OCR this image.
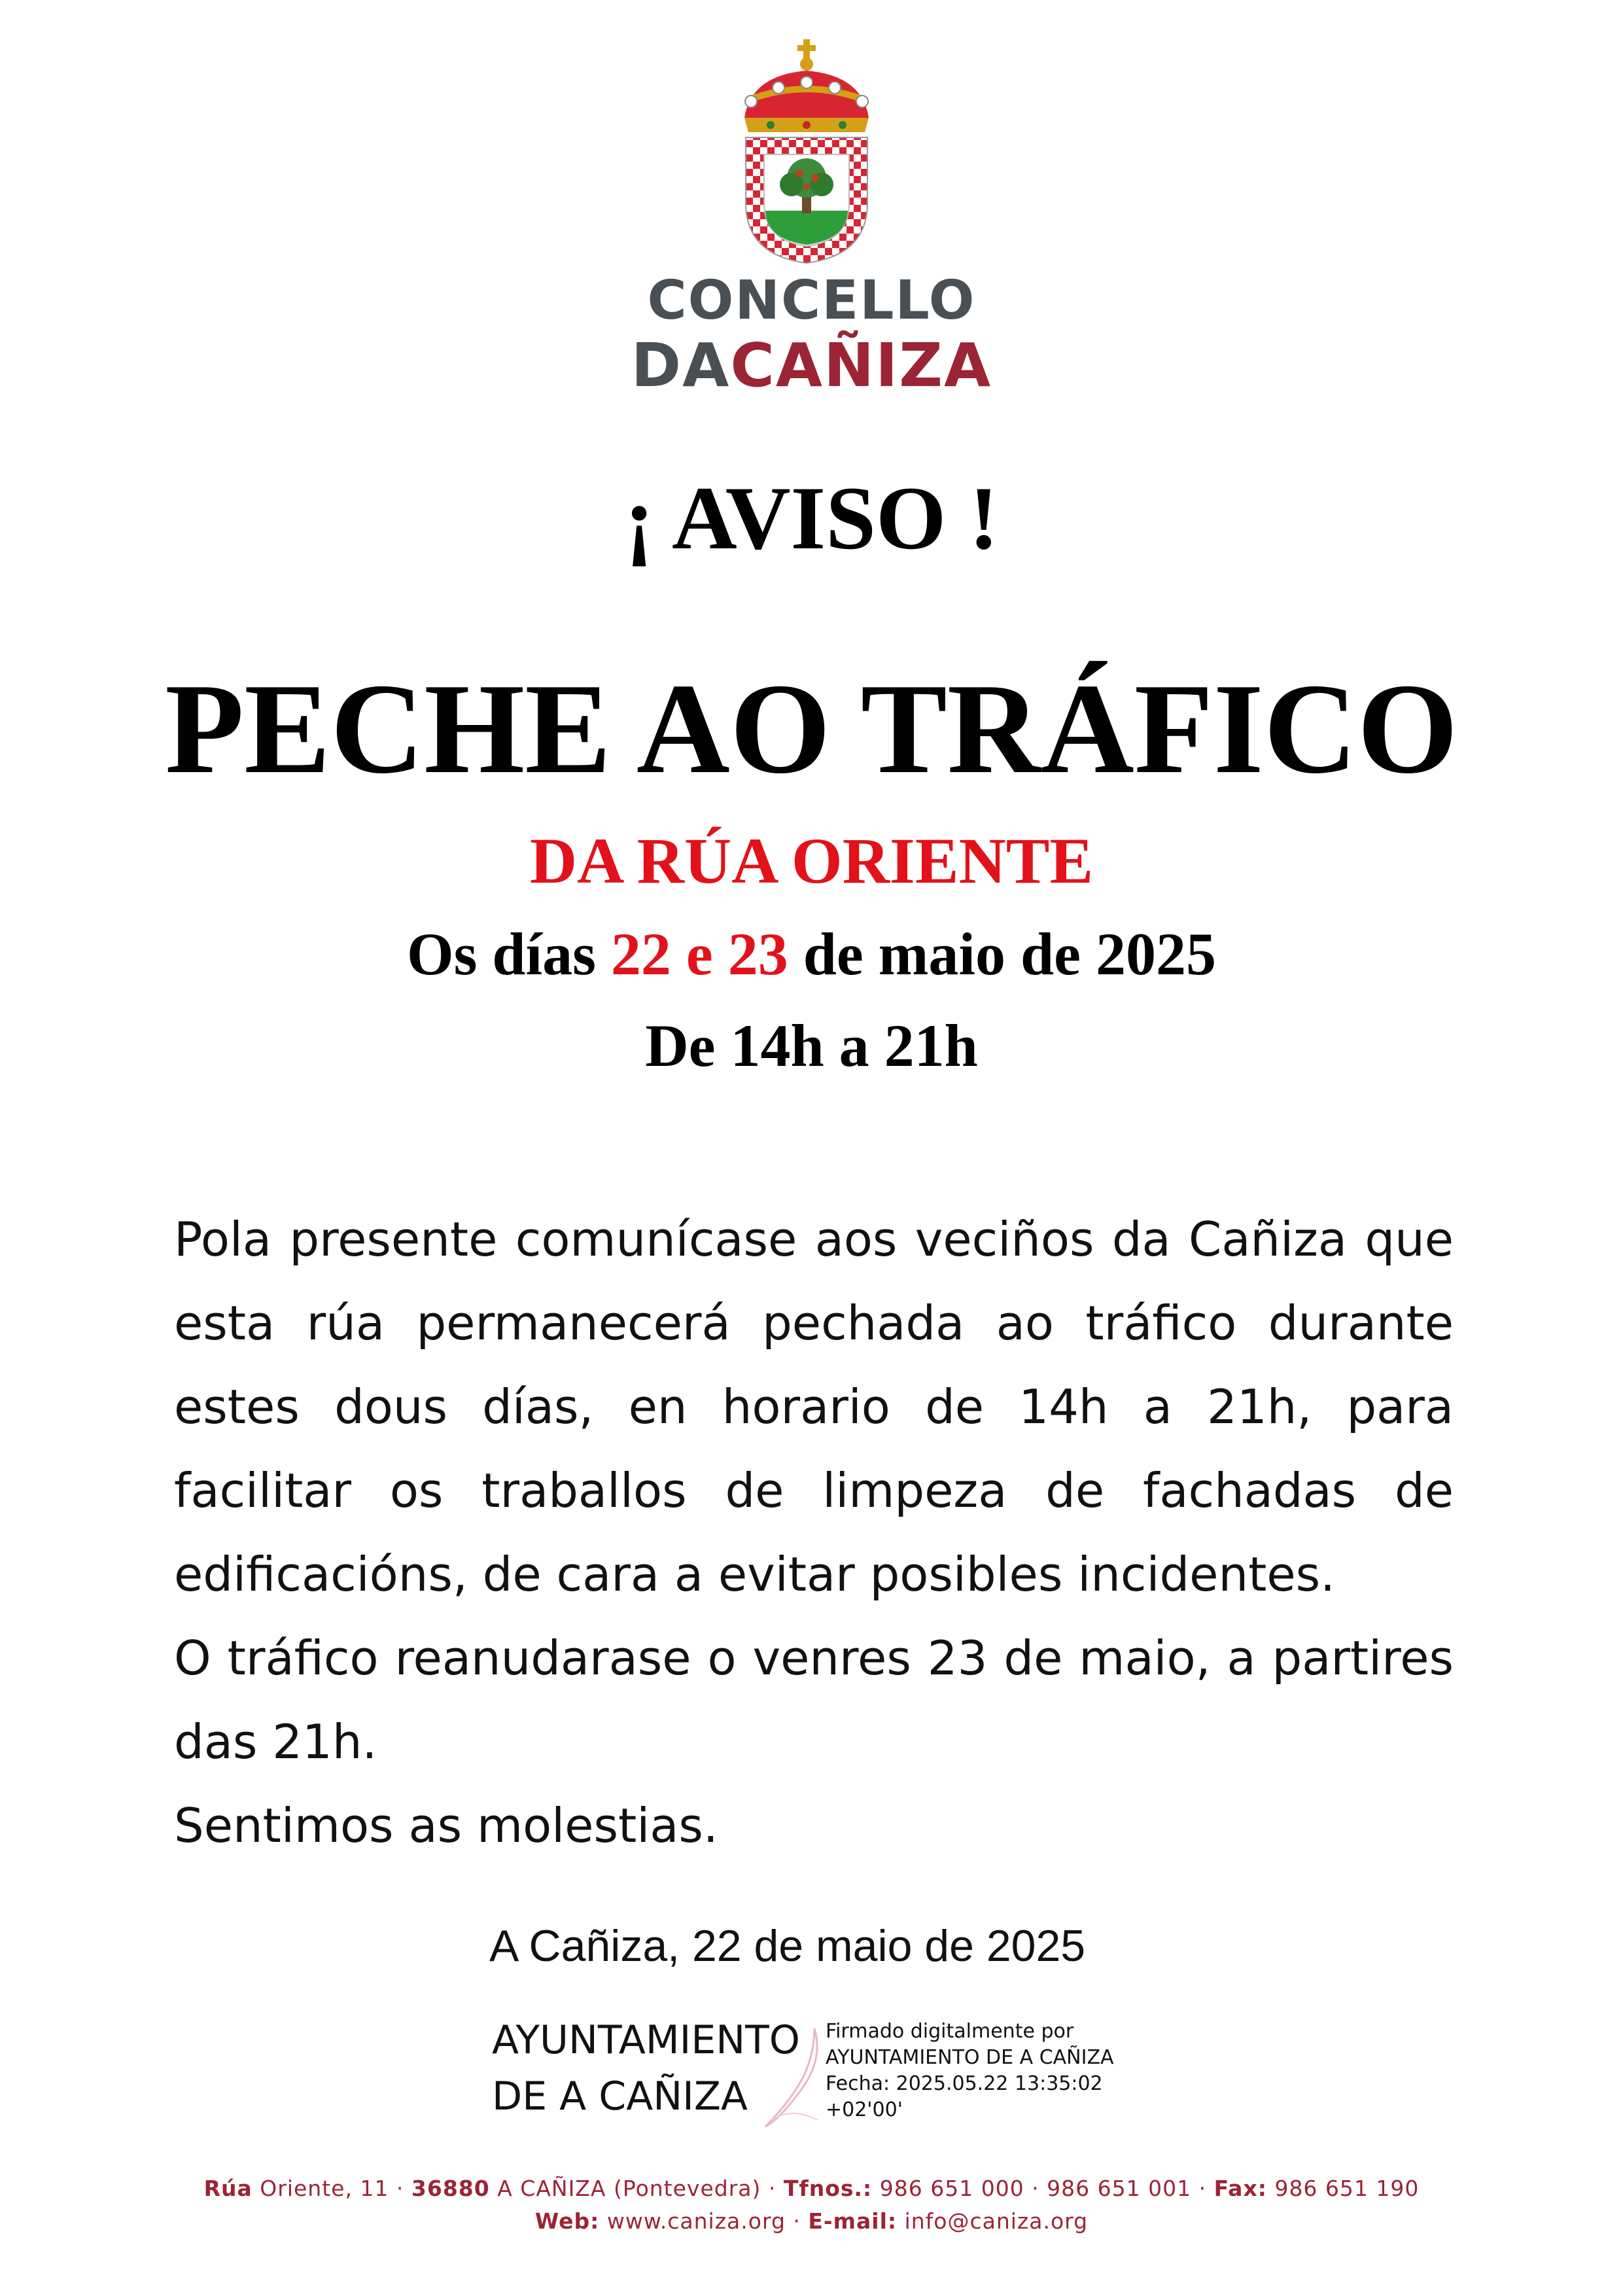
CONCELLO
DACAÑIZA
¡ AVISO !
PECHE AO TRÁFICO
DA RÚA ORIENTE
Os días 22 e 23 de maio de 2025
De 14h a 21h

Pola presente comunícase aos veciños da Cañiza que esta rúa permanecerá pechada ao tráfico durante estes dous días, en horario de 14h a 21h, para facilitar os traballos de limpeza de fachadas de edificacións, de cara a evitar posibles incidentes.

O tráfico reanudarase o venres 23 de maio, a partires das 21h.

Sentimos as molestias.

A Cañiza, 22 de maio de 2025
AYUNTAMIENTO
DE A CAÑIZA
Firmado digitalmente por
AYUNTAMIENTO DE A CAÑIZA
Fecha: 2025.05.22 13:35:02
+02'00'
Rúa Oriente, 11 · 36880 A CAÑIZA (Pontevedra) · Tfnos.: 986 651 000 · 986 651 001 · Fax: 986 651 190
Web: www.caniza.org · E-mail: info@caniza.org
